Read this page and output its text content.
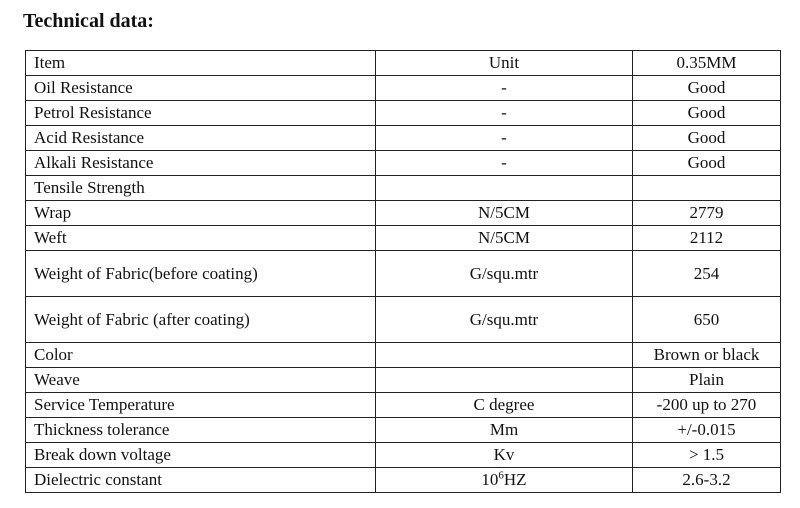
Technical data:
Item	Unit	0.35MM
Oil Resistance	-	Good
Petrol Resistance	-	Good
Acid Resistance	-	Good
Alkali Resistance	-	Good
Tensile Strength		
Wrap	N/5CM	2779
Weft	N/5CM	2112
Weight of Fabric(before coating)	G/squ.mtr	254
Weight of Fabric (after coating)	G/squ.mtr	650
Color		Brown or black
Weave		Plain
Service Temperature	C degree	-200 up to 270
Thickness tolerance	Mm	+/-0.015
Break down voltage	Kv	> 1.5
Dielectric constant	$10^6HZ$	2.6-3.2
